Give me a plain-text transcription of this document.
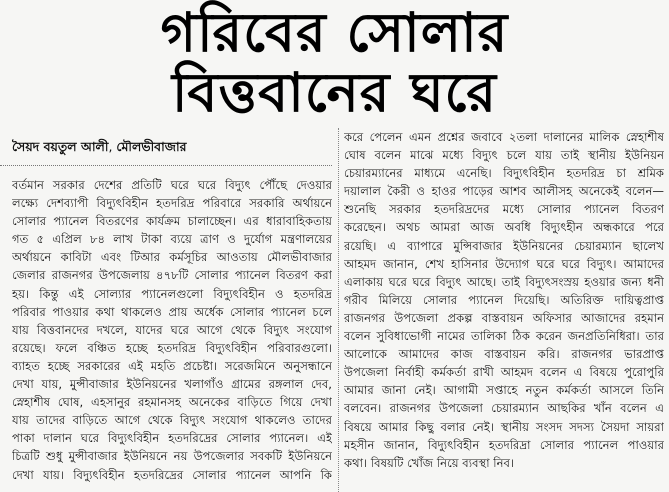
গরিবের সোলার
বিত্তবানের ঘরে
সৈয়দ বয়তুল আলী, মৌলভীবাজার
বর্তমান সরকার দেশের প্রতিটি ঘরে ঘরে বিদ্যুৎ পৌঁছে দেওয়ার
লক্ষ্যে দেশব্যাপী বিদ্যুৎবিহীন হতদরিদ্র পরিবারে সরকারি অর্থায়নে
সোলার প্যানেল বিতরণের কার্যক্রম চালাচ্ছেন। এর ধারাবাহিকতায়
গত ৫ এপ্রিল ৮৪ লাখ টাকা ব্যয়ে ত্রাণ ও দুর্যোগ মন্ত্রণালয়ের
অর্থায়নে কাবিটা এবং টিআর কর্মসূচির আওতায় মৌলভীবাজার
জেলার রাজনগর উপজেলায় ৪৭৮টি সোলার প্যানেল বিতরণ করা
হয়। কিন্তু এই সোল্যার প্যানেলগুলো বিদ্যুৎবিহীন ও হতদরিদ্র
পরিবার পাওয়ার কথা থাকলেও প্রায় অর্ধেক সোলার প্যানেল চলে
যায় বিত্তবানদের দখলে, যাদের ঘরে আগে থেকে বিদ্যুৎ সংযোগ
রয়েছে। ফলে বঞ্চিত হচ্ছে হতদরিদ্র বিদ্যুৎবিহীন পরিবারগুলো।
ব্যাহত হচ্ছে সরকারের এই মহতি প্রচেষ্টা। সরেজমিনে অনুসন্ধানে
দেখা যায়, মুন্সীবাজার ইউনিয়নের খলাগাঁও গ্রামের রঙ্গলাল দেব,
স্নেহাশীষ ঘোষ, এহসানুর রহমানসহ অনেকের বাড়িতে গিয়ে দেখা
যায় তাদের বাড়িতে আগে থেকে বিদ্যুৎ সংযোগ থাকলেও তাদের
পাকা দালান ঘরে বিদ্যুৎবিহীন হতদরিদ্রের সোলার প্যানেল। এই
চিত্রটি শুধু মুন্সীবাজার ইউনিয়নে নয় উপজেলার সবকটি ইউনিয়নে
দেখা যায়। বিদ্যুৎবিহীন হতদরিদ্রের সোলার প্যানেল আপনি কি
করে পেলেন এমন প্রশ্নের জবাবে ২তলা দালানের মালিক স্নেহাশীষ
ঘোষ বলেন মাঝে মধ্যে বিদ্যুৎ চলে যায় তাই স্থানীয় ইউনিয়ন
চেয়ারম্যানের মাধ্যমে এনেছি। বিদ্যুৎবিহীন হতদরিদ্র চা শ্রমিক
দয়ালাল কৈরী ও হাওর পাড়ের আশব আলীসহ অনেকেই বলেন—
শুনেছি সরকার হতদরিদ্রদের মধ্যে সোলার প্যানেল বিতরণ
করেছেন। অথচ আমরা আজ অবধি বিদ্যুৎহীন অন্ধকারে পরে
রয়েছি। এ ব্যাপারে মুন্সিবাজার ইউনিয়নের চেয়ারম্যান ছালেখ
আহমদ জানান, শেখ হাসিনার উদ্যোগ ঘরে ঘরে বিদ্যুৎ। আমাদের
এলাকায় ঘরে ঘরে বিদ্যুৎ আছে। তাই বিদ্যুৎসংস্রয় হওয়ার জন্য ধনী
গরীব মিলিয়ে সোলার প্যানেল দিয়েছি। অতিরিক্ত দায়িত্বপ্রাপ্ত
রাজনগর উপজেলা প্রকল্প বাস্তবায়ন অফিসার আজাদের রহমান
বলেন সুবিধাভোগী নামের তালিকা ঠিক করেন জনপ্রতিনিধিরা। তার
আলোকে আমাদের কাজ বাস্তবায়ন করি। রাজনগর ভারপ্রাপ্ত
উপজেলা নির্বাহী কর্মকর্তা রাখী আহমদ বলেন এ বিষয়ে পুরোপুরি
আমার জানা নেই। আগামী সপ্তাহে নতুন কর্মকর্তা আসলে তিনি
বলবেন। রাজনগর উপজেলা চেয়ারম্যান আছকির খাঁন বলেন এ
বিষয়ে আমার কিছু বলার নেই। স্থানীয় সংসদ সদস্য সৈয়দা সায়রা
মহসীন জানান, বিদ্যুৎবিহীন হতদরিদ্রা সোলার প্যানেল পাওয়ার
কথা। বিষয়টি খোঁজ নিয়ে ব্যবস্থা নিব।
